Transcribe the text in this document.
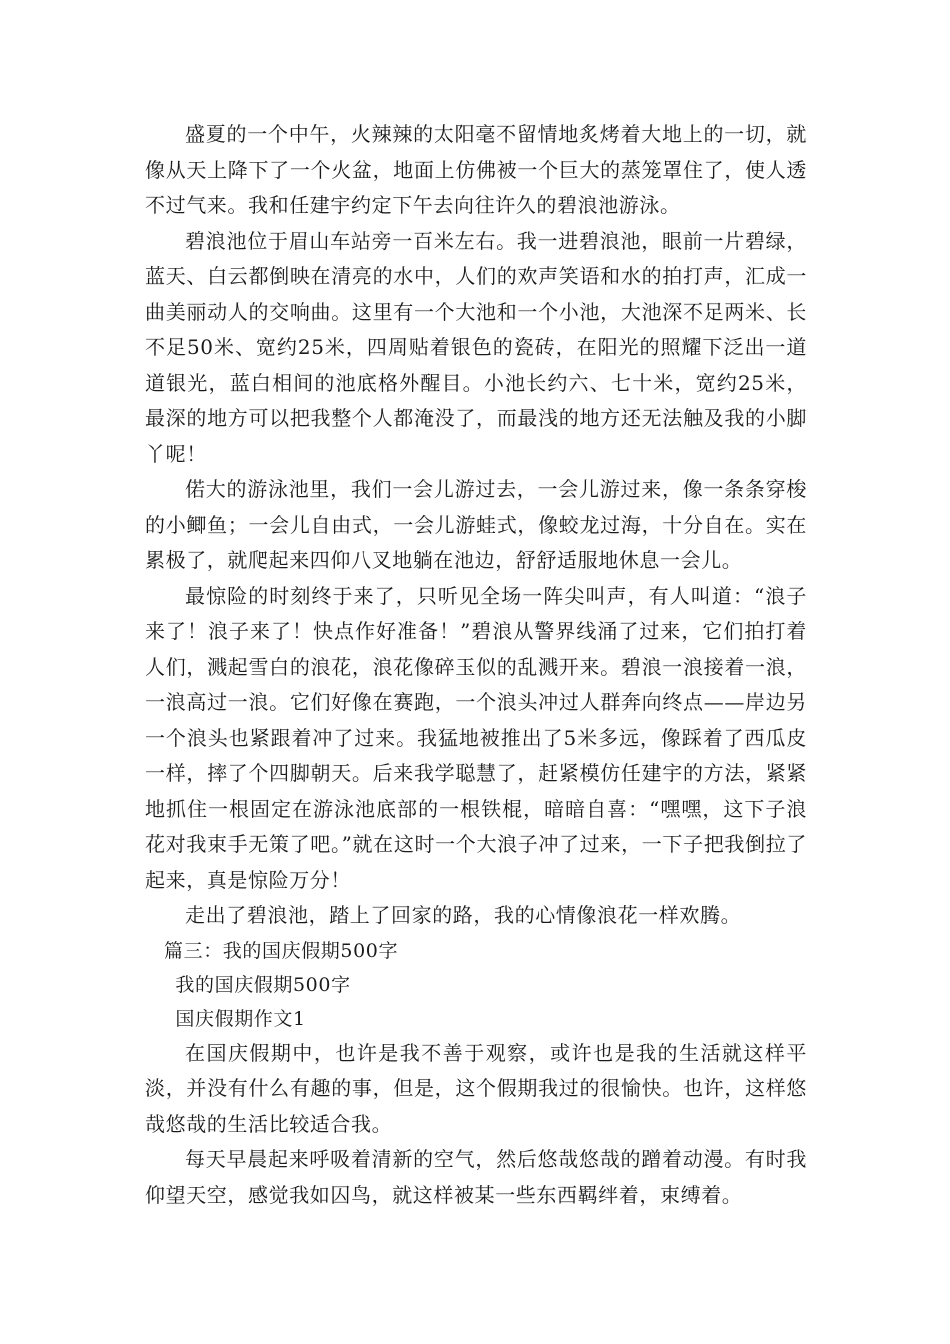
盛夏的一个中午，火辣辣的太阳毫不留情地炙烤着大地上的一切，就像从天上降下了一个火盆，地面上仿佛被一个巨大的蒸笼罩住了，使人透不过气来。我和任建宇约定下午去向往许久的碧浪池游泳。

碧浪池位于眉山车站旁一百米左右。我一进碧浪池，眼前一片碧绿，蓝天、白云都倒映在清亮的水中，人们的欢声笑语和水的拍打声，汇成一曲美丽动人的交响曲。这里有一个大池和一个小池，大池深不足两米、长不足50米、宽约25米，四周贴着银色的瓷砖，在阳光的照耀下泛出一道道银光，蓝白相间的池底格外醒目。小池长约六、七十米，宽约25米，最深的地方可以把我整个人都淹没了，而最浅的地方还无法触及我的小脚丫呢！

偌大的游泳池里，我们一会儿游过去，一会儿游过来，像一条条穿梭的小鲫鱼；一会儿自由式，一会儿游蛙式，像蛟龙过海，十分自在。实在累极了，就爬起来四仰八叉地躺在池边，舒舒适服地休息一会儿。

最惊险的时刻终于来了，只听见全场一阵尖叫声，有人叫道：“浪子来了！浪子来了！快点作好准备！”碧浪从警界线涌了过来，它们拍打着人们，溅起雪白的浪花，浪花像碎玉似的乱溅开来。碧浪一浪接着一浪，一浪高过一浪。它们好像在赛跑，一个浪头冲过人群奔向终点——岸边另一个浪头也紧跟着冲了过来。我猛地被推出了5米多远，像踩着了西瓜皮一样，摔了个四脚朝天。后来我学聪慧了，赶紧模仿任建宇的方法，紧紧地抓住一根固定在游泳池底部的一根铁棍，暗暗自喜：“嘿嘿，这下子浪花对我束手无策了吧。”就在这时一个大浪子冲了过来，一下子把我倒拉了起来，真是惊险万分！

走出了碧浪池，踏上了回家的路，我的心情像浪花一样欢腾。

篇三：我的国庆假期500字

我的国庆假期500字

国庆假期作文1

在国庆假期中，也许是我不善于观察，或许也是我的生活就这样平淡，并没有什么有趣的事，但是，这个假期我过的很愉快。也许，这样悠哉悠哉的生活比较适合我。

每天早晨起来呼吸着清新的空气，然后悠哉悠哉的蹭着动漫。有时我仰望天空，感觉我如囚鸟，就这样被某一些东西羁绊着，束缚着。
